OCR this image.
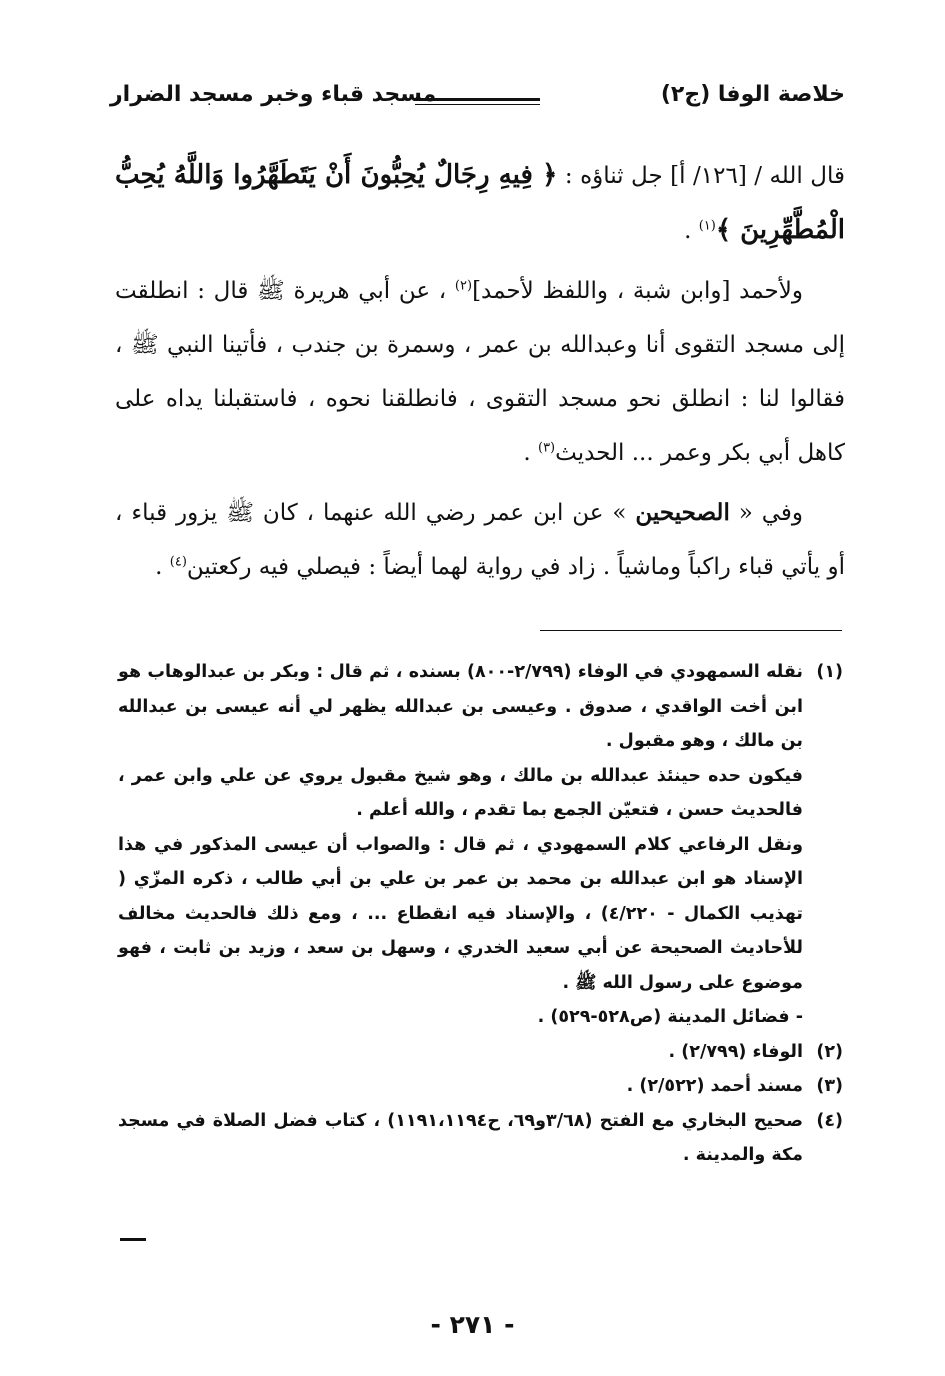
خلاصة الوفا (ج٢)
مسجد قباء وخبر مسجد الضرار

قال الله / [١٢٦/ أ] جل ثناؤه : ﴿ فِيهِ رِجَالٌ يُحِبُّونَ أَنْ يَتَطَهَّرُوا وَاللَّهُ يُحِبُّ الْمُطَّهِّرِينَ ﴾$^{(١)}$ .

ولأحمد [وابن شبة ، واللفظ لأحمد]$^{(٢)}$ ، عن أبي هريرة ﷺ قال : انطلقت إلى مسجد التقوى أنا وعبدالله بن عمر ، وسمرة بن جندب ، فأتينا النبي ﷺ ، فقالوا لنا : انطلق نحو مسجد التقوى ، فانطلقنا نحوه ، فاستقبلنا يداه على كاهل أبي بكر وعمر ... الحديث$^{(٣)}$ .

وفي « الصحيحين » عن ابن عمر رضي الله عنهما ، كان ﷺ يزور قباء ، أو يأتي قباء راكباً وماشياً . زاد في رواية لهما أيضاً : فيصلي فيه ركعتين$^{(٤)}$ .

(١)

نقله السمهودي في الوفاء (٢/٧٩٩-٨٠٠) بسنده ، ثم قال : وبكر بن عبدالوهاب هو ابن أخت الواقدي ، صدوق . وعيسى بن عبدالله يظهر لي أنه عيسى بن عبدالله بن مالك ، وهو مقبول .

فيكون حده حينئذ عبدالله بن مالك ، وهو شيخ مقبول يروي عن علي وابن عمر ، فالحديث حسن ، فتعيّن الجمع بما تقدم ، والله أعلم .

ونقل الرفاعي كلام السمهودي ، ثم قال : والصواب أن عيسى المذكور في هذا الإسناد هو ابن عبدالله بن محمد بن عمر بن علي بن أبي طالب ، ذكره المزّي ( تهذيب الكمال - ٤/٢٢٠) ، والإسناد فيه انقطاع ... ، ومع ذلك فالحديث مخالف للأحاديث الصحيحة عن أبي سعيد الخدري ، وسهل بن سعد ، وزيد بن ثابت ، فهو موضوع على رسول الله ﷺ .

- فضائل المدينة (ص٥٢٨-٥٢٩) .

(٢)

الوفاء (٢/٧٩٩) .

(٣)

مسند أحمد (٢/٥٢٢) .

(٤)

صحيح البخاري مع الفتح (٣/٦٨و٦٩، ح١١٩١،١١٩٤) ، كتاب فضل الصلاة في مسجد مكة والمدينة .

- ٢٧١ -
